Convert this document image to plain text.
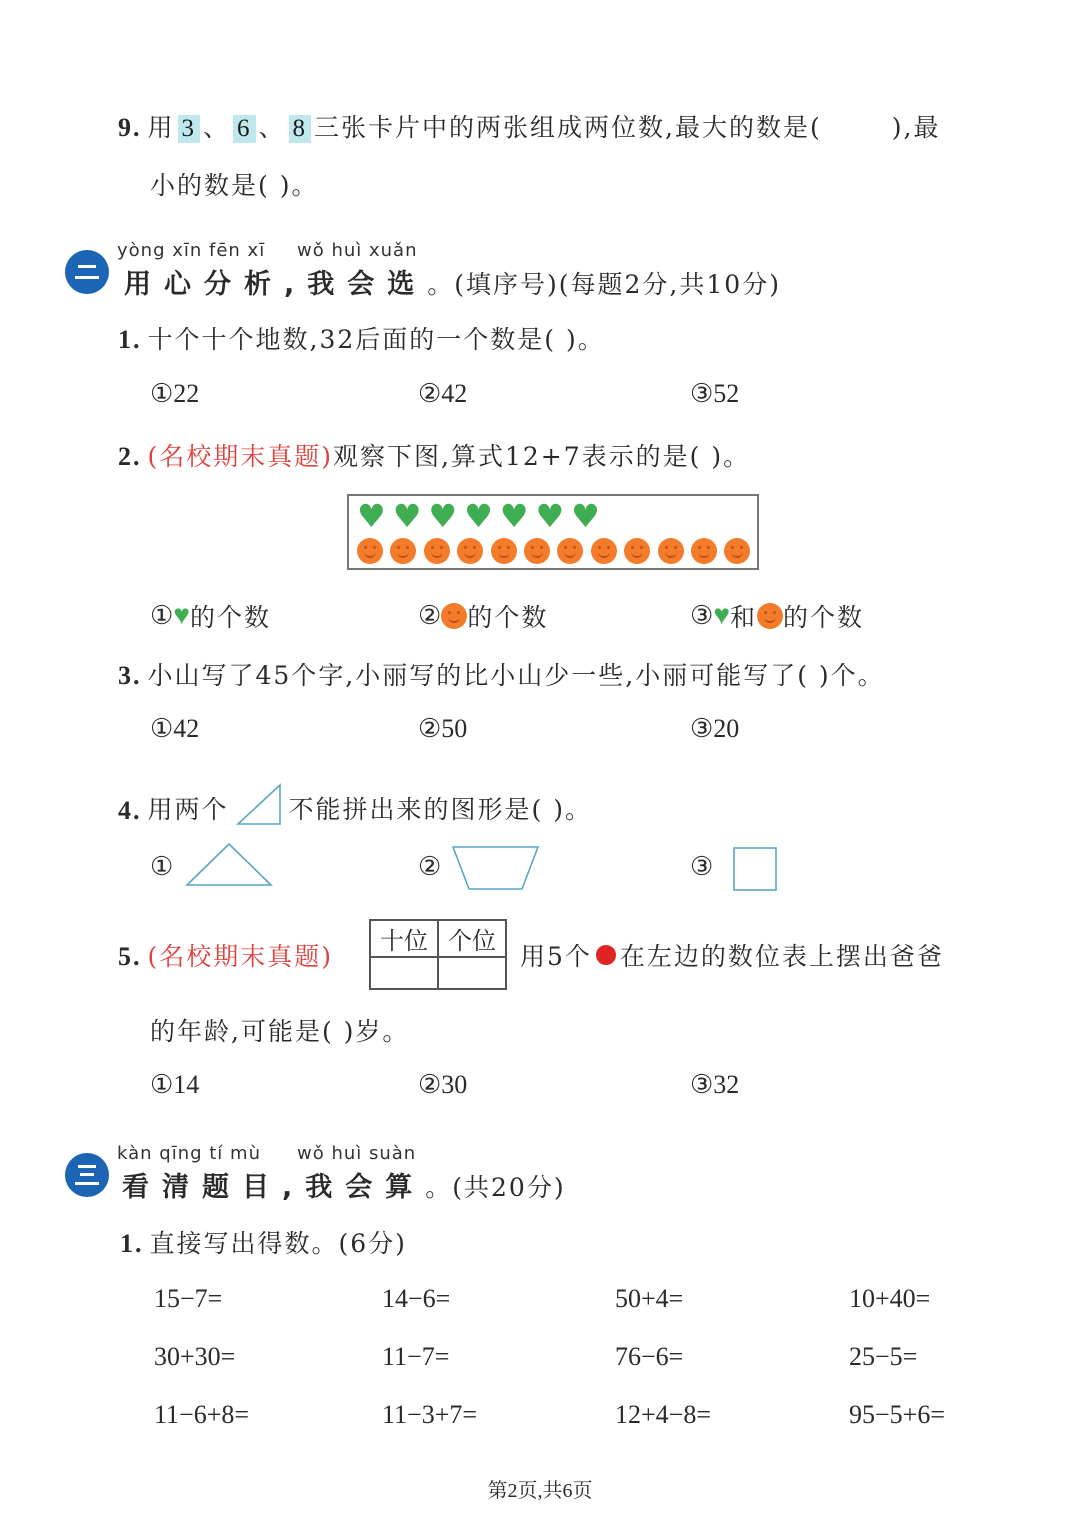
9. 用 3 、 6 、 8 三张卡片中的两张组成两位数,最大的数是(	),最
小的数是( )。
yòng xīn fēn xī wǒ huì xuǎn
用心分析,我会选。(填序号)(每题2分,共10分)
1. 十个十个地数,32后面的一个数是( )。
①22	②42	③52
2. (名校期末真题)观察下图,算式12+7表示的是( )。
♥ ♥ ♥ ♥ ♥ ♥ ♥
① ♥ 的个数	② 的个数	③ ♥ 和 的个数
3. 小山写了45个字,小丽写的比小山少一些,小丽可能写了( )个。
①42	②50	③20
4. 用两个 不能拼出来的图形是( )。
①	②	③
5. (名校期末真题)
十位	个位

用5个 在左边的数位表上摆出爸爸
的年龄,可能是( )岁。
①14	②30	③32
kàn qīng tí mù wǒ huì suàn
看清题目,我会算。(共20分)
1. 直接写出得数。(6分)
15−7=	14−6=	50+4=	10+40=
30+30=	11−7=	76−6=	25−5=
11−6+8=	11−3+7=	12+4−8=	95−5+6=
第2页,共6页
